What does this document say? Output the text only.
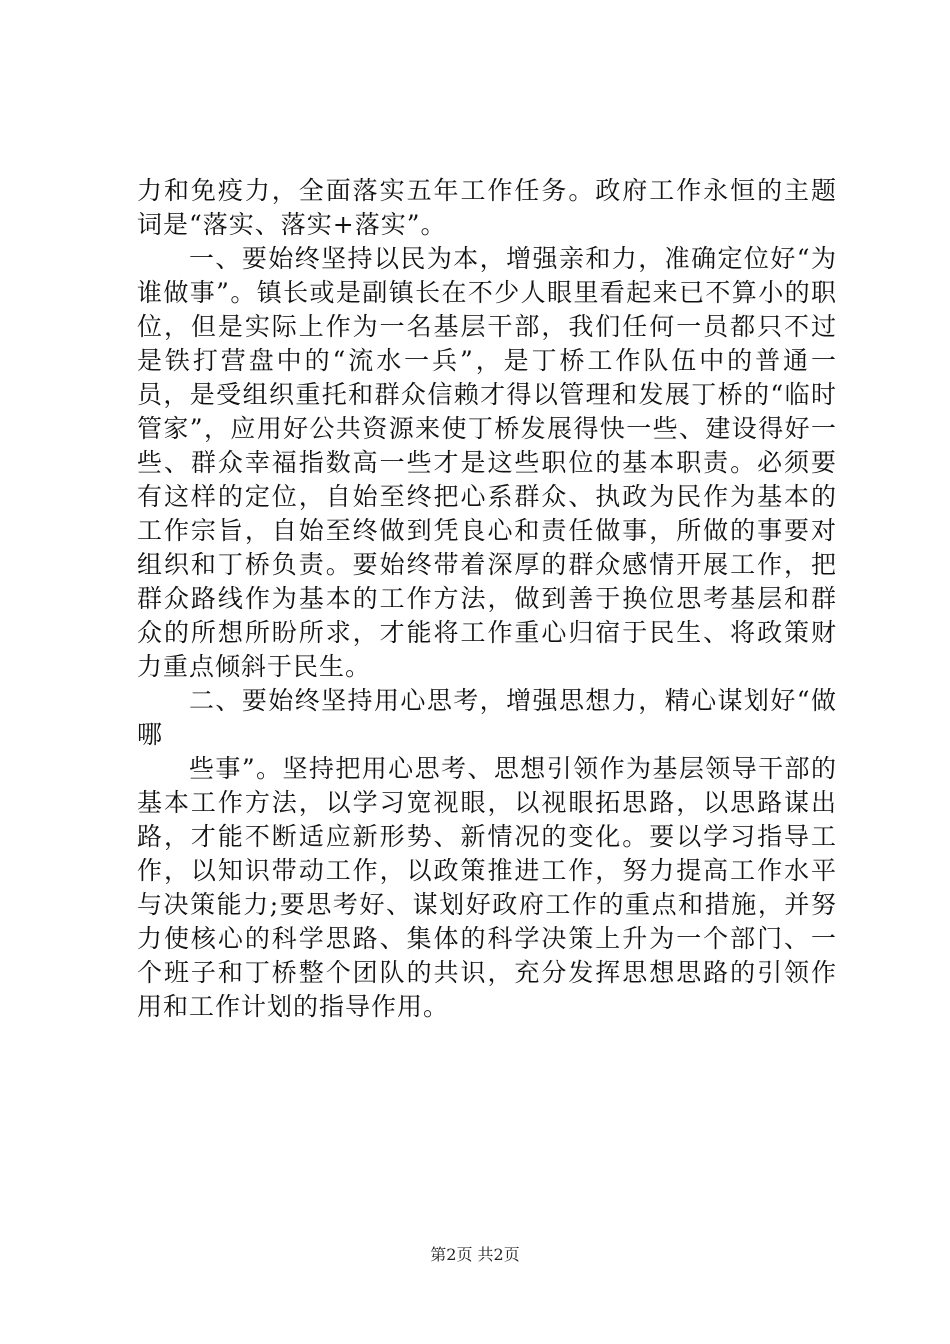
力和免疫力，全面落实五年工作任务。政府工作永恒的主题词是“落实、落实+落实”。

一、要始终坚持以民为本，增强亲和力，准确定位好“为谁做事”。镇长或是副镇长在不少人眼里看起来已不算小的职位，但是实际上作为一名基层干部，我们任何一员都只不过是铁打营盘中的“流水一兵”，是丁桥工作队伍中的普通一员，是受组织重托和群众信赖才得以管理和发展丁桥的“临时管家”，应用好公共资源来使丁桥发展得快一些、建设得好一些、群众幸福指数高一些才是这些职位的基本职责。必须要有这样的定位，自始至终把心系群众、执政为民作为基本的工作宗旨，自始至终做到凭良心和责任做事，所做的事要对组织和丁桥负责。要始终带着深厚的群众感情开展工作，把群众路线作为基本的工作方法，做到善于换位思考基层和群众的所想所盼所求，才能将工作重心归宿于民生、将政策财力重点倾斜于民生。

二、要始终坚持用心思考，增强思想力，精心谋划好“做哪

些事”。坚持把用心思考、思想引领作为基层领导干部的基本工作方法，以学习宽视眼，以视眼拓思路，以思路谋出路，才能不断适应新形势、新情况的变化。要以学习指导工作，以知识带动工作，以政策推进工作，努力提高工作水平与决策能力;要思考好、谋划好政府工作的重点和措施，并努力使核心的科学思路、集体的科学决策上升为一个部门、一个班子和丁桥整个团队的共识，充分发挥思想思路的引领作用和工作计划的指导作用。

第2页 共2页
